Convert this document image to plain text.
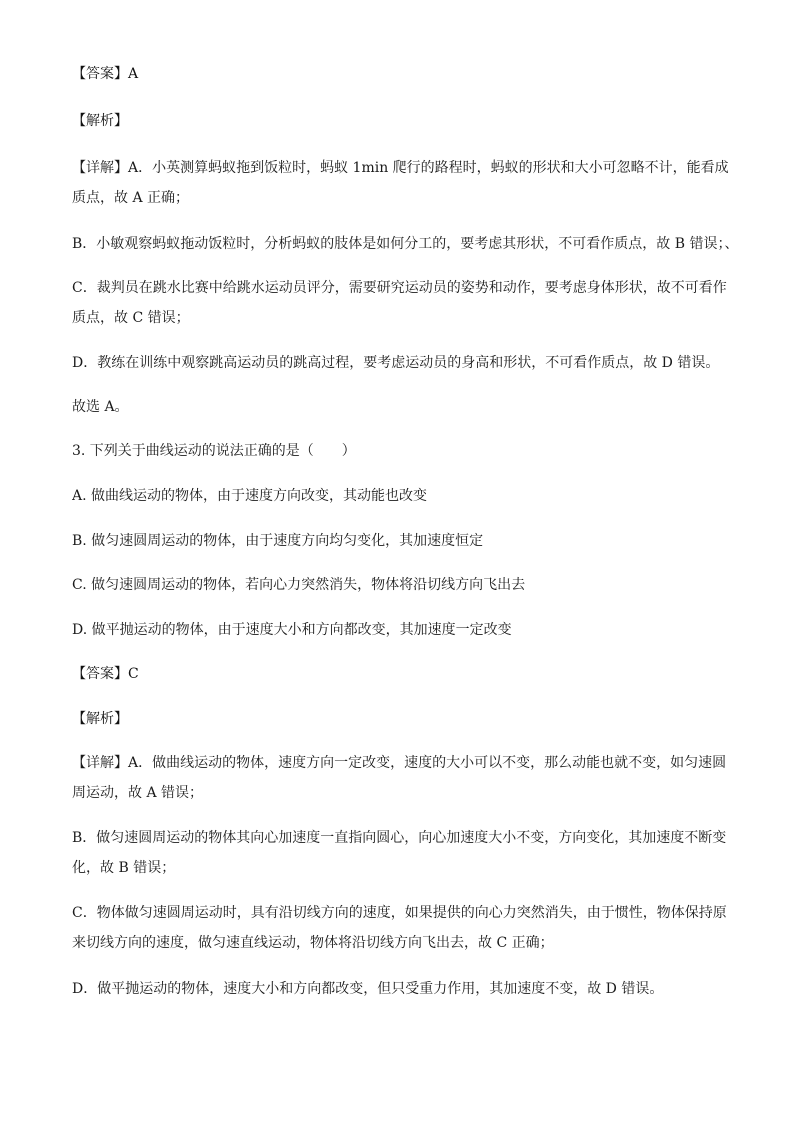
【答案】A
【解析】
【详解】A．小英测算蚂蚁拖到饭粒时，蚂蚁 1min 爬行的路程时，蚂蚁的形状和大小可忽略不计，能看成
质点，故 A 正确；
B．小敏观察蚂蚁拖动饭粒时，分析蚂蚁的肢体是如何分工的，要考虑其形状，不可看作质点，故 B 错误；、
C．裁判员在跳水比赛中给跳水运动员评分，需要研究运动员的姿势和动作，要考虑身体形状，故不可看作
质点，故 C 错误；
D．教练在训练中观察跳高运动员的跳高过程，要考虑运动员的身高和形状，不可看作质点，故 D 错误。
故选 A。
3. 下列关于曲线运动的说法正确的是（　　）
A. 做曲线运动的物体，由于速度方向改变，其动能也改变
B. 做匀速圆周运动的物体，由于速度方向均匀变化，其加速度恒定
C. 做匀速圆周运动的物体，若向心力突然消失，物体将沿切线方向飞出去
D. 做平抛运动的物体，由于速度大小和方向都改变，其加速度一定改变
【答案】C
【解析】
【详解】A．做曲线运动的物体，速度方向一定改变，速度的大小可以不变，那么动能也就不变，如匀速圆
周运动，故 A 错误；
B．做匀速圆周运动的物体其向心加速度一直指向圆心，向心加速度大小不变，方向变化，其加速度不断变
化，故 B 错误；
C．物体做匀速圆周运动时，具有沿切线方向的速度，如果提供的向心力突然消失，由于惯性，物体保持原
来切线方向的速度，做匀速直线运动，物体将沿切线方向飞出去，故 C 正确；
D．做平抛运动的物体，速度大小和方向都改变，但只受重力作用，其加速度不变，故 D 错误。
